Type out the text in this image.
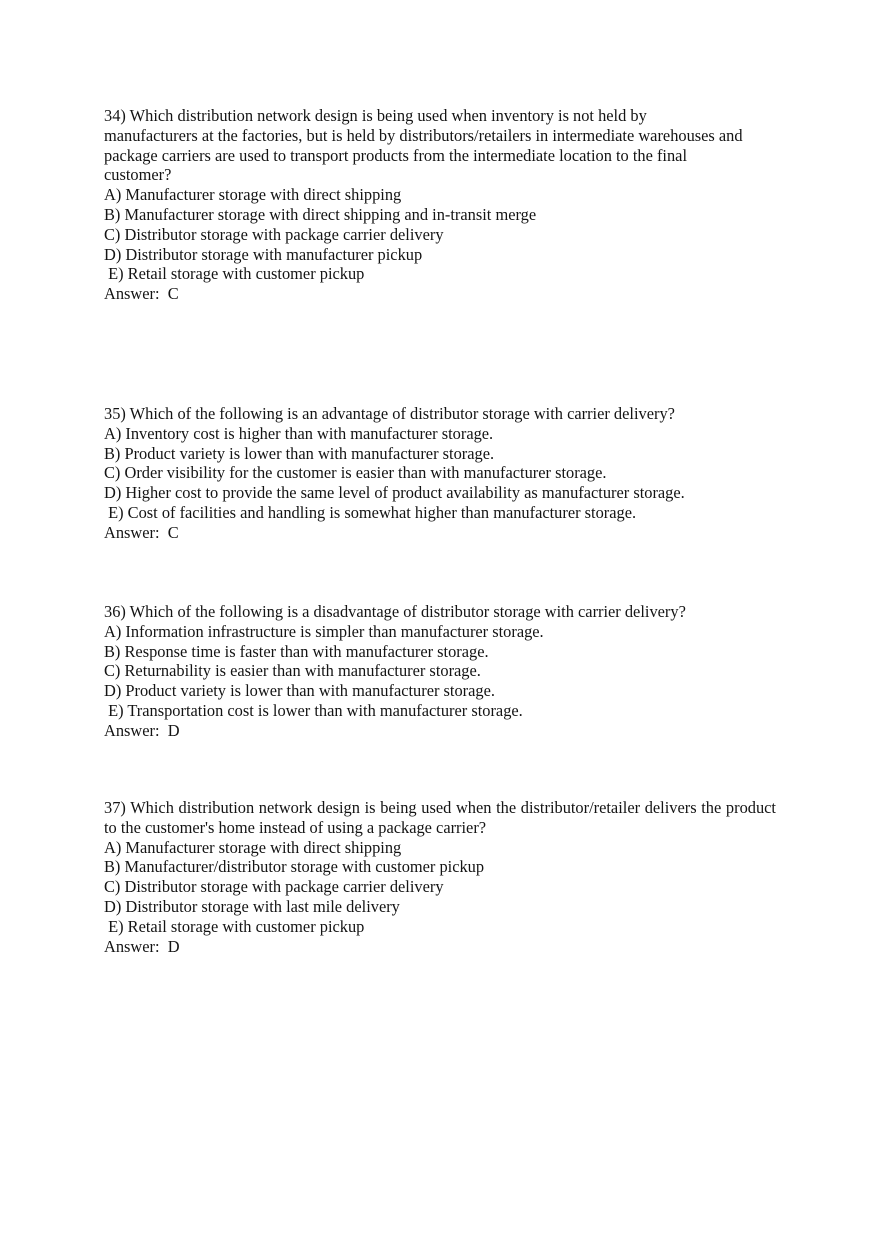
34) Which distribution network design is being used when inventory is not held by
manufacturers at the factories, but is held by distributors/retailers in intermediate warehouses and
package carriers are used to transport products from the intermediate location to the final
customer?

A) Manufacturer storage with direct shipping
B) Manufacturer storage with direct shipping and in-transit merge
C) Distributor storage with package carrier delivery
D) Distributor storage with manufacturer pickup
E) Retail storage with customer pickup
Answer:  C

35) Which of the following is an advantage of distributor storage with carrier delivery?

A) Inventory cost is higher than with manufacturer storage.
B) Product variety is lower than with manufacturer storage.
C) Order visibility for the customer is easier than with manufacturer storage.
D) Higher cost to provide the same level of product availability as manufacturer storage.
E) Cost of facilities and handling is somewhat higher than manufacturer storage.
Answer:  C

36) Which of the following is a disadvantage of distributor storage with carrier delivery?

A) Information infrastructure is simpler than manufacturer storage.
B) Response time is faster than with manufacturer storage.
C) Returnability is easier than with manufacturer storage.
D) Product variety is lower than with manufacturer storage.
E) Transportation cost is lower than with manufacturer storage.
Answer:  D

37) Which distribution network design is being used when the distributor/retailer delivers the product to the customer's home instead of using a package carrier?

A) Manufacturer storage with direct shipping
B) Manufacturer/distributor storage with customer pickup
C) Distributor storage with package carrier delivery
D) Distributor storage with last mile delivery
E) Retail storage with customer pickup
Answer:  D
